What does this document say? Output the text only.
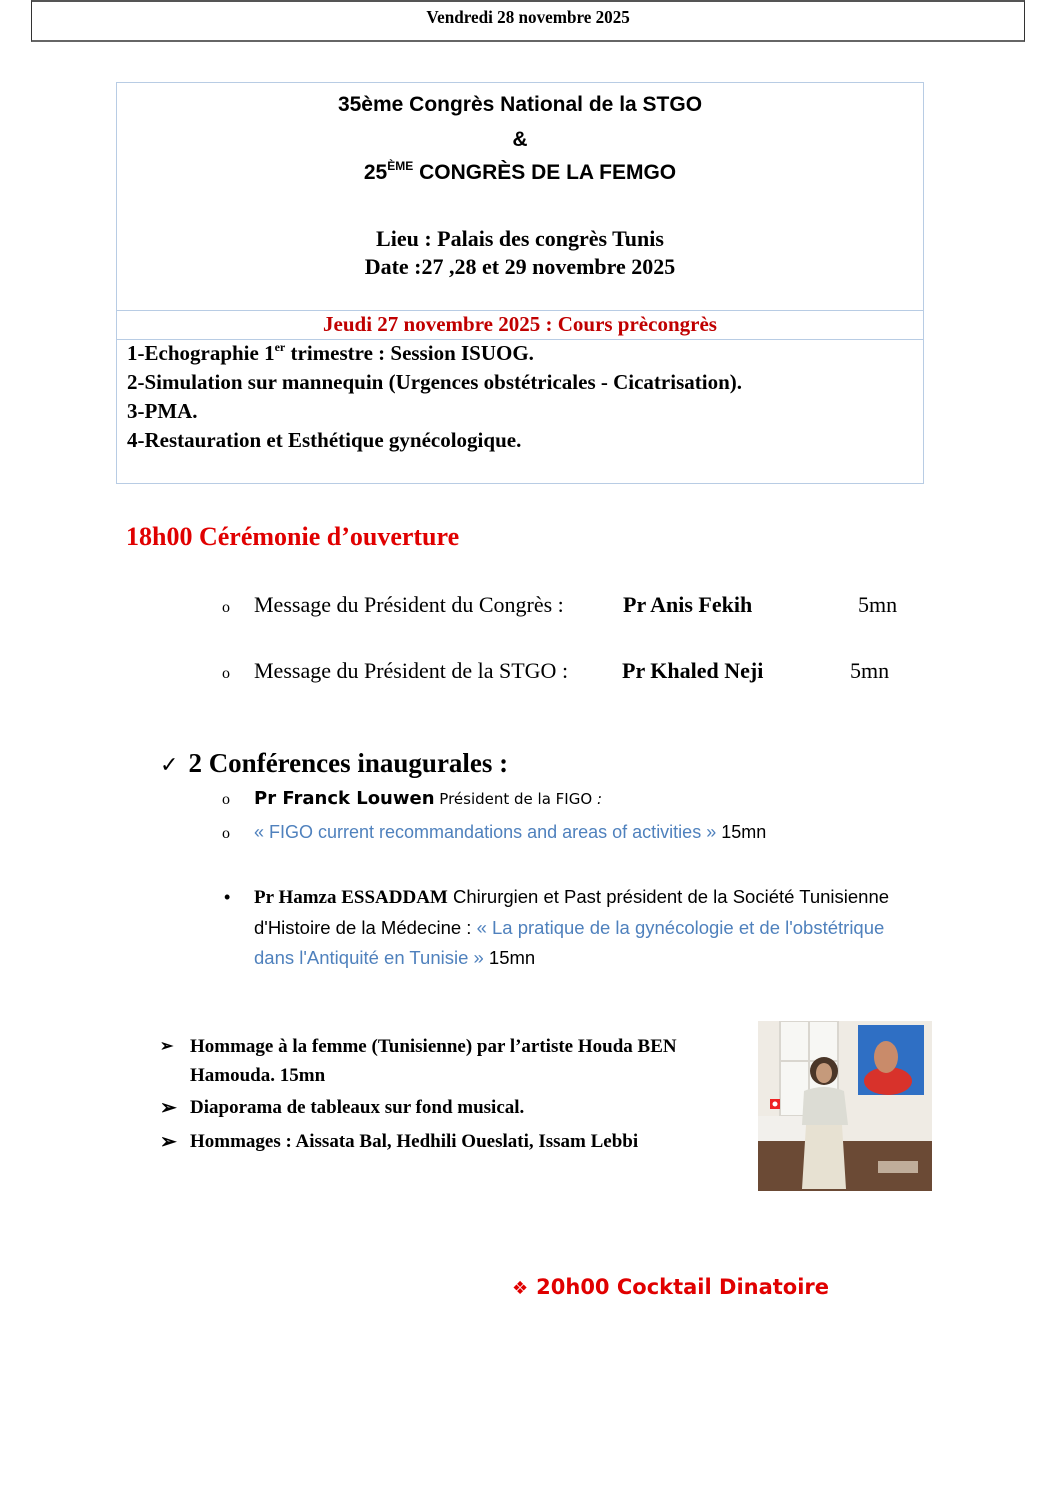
Vendredi 28 novembre 2025
35ème Congrès National de la STGO
&
25ÈME CONGRÈS DE LA FEMGO
Lieu : Palais des congrès Tunis
Date :27 ,28 et 29 novembre 2025
Jeudi 27 novembre 2025 : Cours prècongrès
1-Echographie 1er trimestre : Session ISUOG.
2-Simulation sur mannequin (Urgences obstétricales - Cicatrisation).
3-PMA.
4-Restauration et Esthétique gynécologique.
18h00 Cérémonie d’ouverture
o Message du Président du Congrès :	Pr Anis Fekih	5mn
o Message du Président de la STGO : Pr Khaled Neji	5mn
✓ 2 Conférences inaugurales :
o Pr Franck Louwen Président de la FIGO :
o « FIGO current recommandations and areas of activities » 15mn
• Pr Hamza ESSADDAM Chirurgien et Past président de la Société Tunisienne d'Histoire de la Médecine : « La pratique de la gynécologie et de l'obstétrique dans l'Antiquité en Tunisie » 15mn
➢ Hommage à la femme (Tunisienne) par l’artiste Houda BEN
Hamouda. 15mn
➢ Diaporama de tableaux sur fond musical.
➢ Hommages : Aissata Bal, Hedhili Oueslati, Issam Lebbi
❖ 20h00 Cocktail Dinatoire
